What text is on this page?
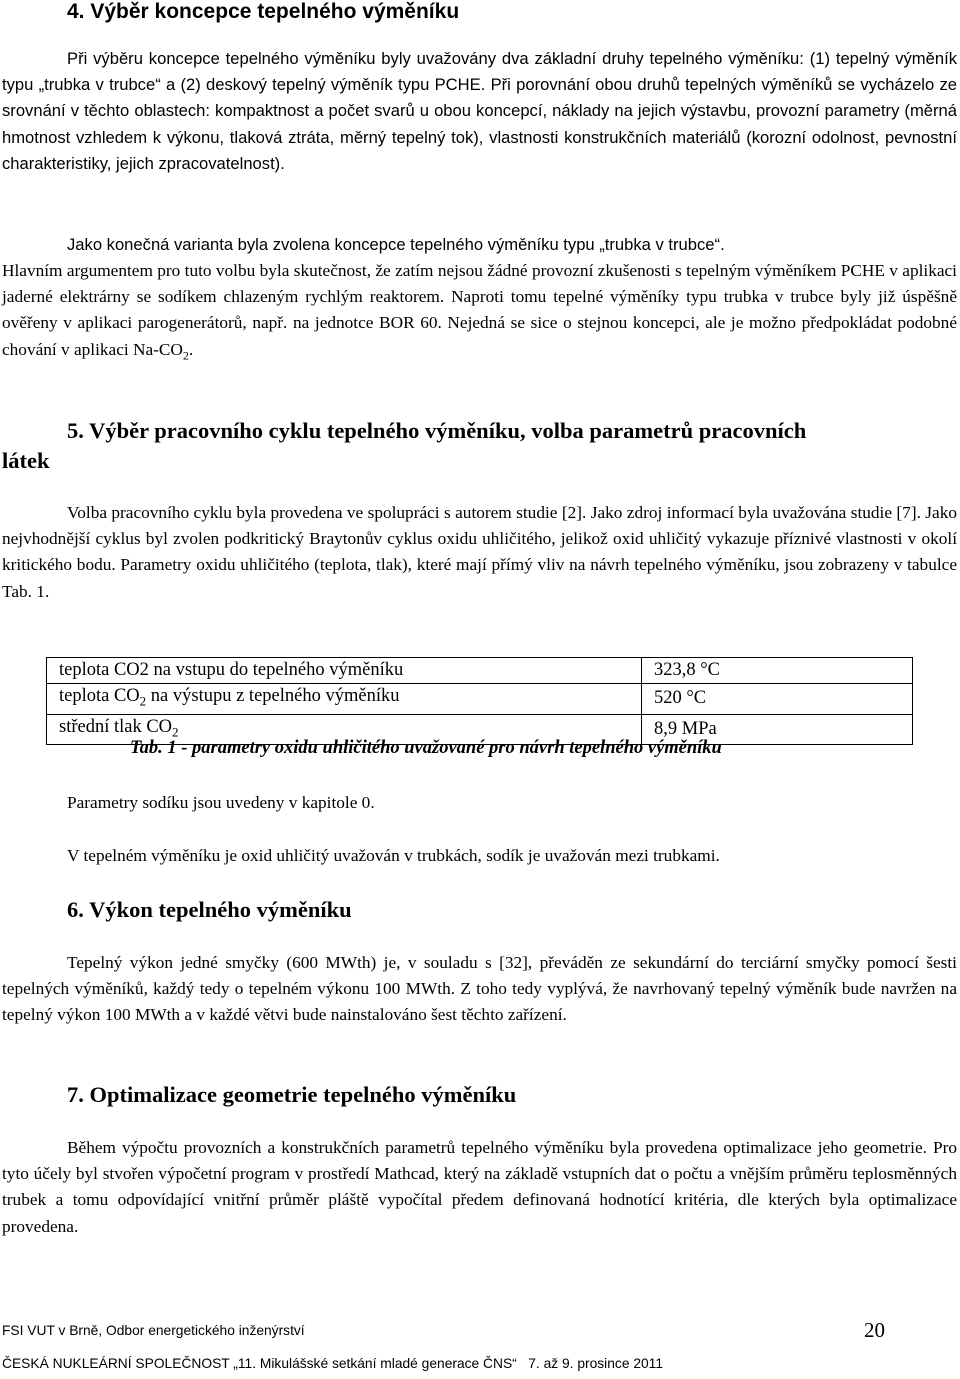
4. Výběr koncepce tepelného výměníku
Při výběru koncepce tepelného výměníku byly uvažovány dva základní druhy tepelného výměníku: (1) tepelný výměník typu „trubka v trubce“ a (2) deskový tepelný výměník typu PCHE. Při porovnání obou druhů tepelných výměníků se vycházelo ze srovnání v těchto oblastech: kompaktnost a počet svarů u obou koncepcí, náklady na jejich výstavbu, provozní parametry (měrná hmotnost vzhledem k výkonu, tlaková ztráta, měrný tepelný tok), vlastnosti konstrukčních materiálů (korozní odolnost, pevnostní charakteristiky, jejich zpracovatelnost).
Jako konečná varianta byla zvolena koncepce tepelného výměníku typu „trubka v trubce“.
Hlavním argumentem pro tuto volbu byla skutečnost, že zatím nejsou žádné provozní zkušenosti s tepelným výměníkem PCHE v aplikaci jaderné elektrárny se sodíkem chlazeným rychlým reaktorem. Naproti tomu tepelné výměníky typu trubka v trubce byly již úspěšně ověřeny v aplikaci parogenerátorů, např. na jednotce BOR 60. Nejedná se sice o stejnou koncepci, ale je možno předpokládat podobné chování v aplikaci $Na-CO_2$.
5. Výběr pracovního cyklu tepelného výměníku, volba parametrů pracovních
látek
Volba pracovního cyklu byla provedena ve spolupráci s autorem studie [2]. Jako zdroj informací byla uvažována studie [7]. Jako nejvhodnější cyklus byl zvolen podkritický Braytonův cyklus oxidu uhličitého, jelikož oxid uhličitý vykazuje příznivé vlastnosti v okolí kritického bodu. Parametry oxidu uhličitého (teplota, tlak), které mají přímý vliv na návrh tepelného výměníku, jsou zobrazeny v tabulce Tab. 1.
teplota CO2 na vstupu do tepelného výměníku	323,8 °C
teplota $CO_2$ na výstupu z tepelného výměníku	520 °C
střední tlak $CO_2$	8,9 MPa
Tab. 1 - parametry oxidu uhličitého uvažované pro návrh tepelného výměníku
Parametry sodíku jsou uvedeny v kapitole 0.
V tepelném výměníku je oxid uhličitý uvažován v trubkách, sodík je uvažován mezi trubkami.
6. Výkon tepelného výměníku
Tepelný výkon jedné smyčky (600 MWth) je, v souladu s [32], převáděn ze sekundární do terciární smyčky pomocí šesti tepelných výměníků, každý tedy o tepelném výkonu 100 MWth. Z toho tedy vyplývá, že navrhovaný tepelný výměník bude navržen na tepelný výkon 100 MWth a v každé větvi bude nainstalováno šest těchto zařízení.
7. Optimalizace geometrie tepelného výměníku
Během výpočtu provozních a konstrukčních parametrů tepelného výměníku byla provedena optimalizace jeho geometrie. Pro tyto účely byl stvořen výpočetní program v prostředí Mathcad, který na základě vstupních dat o počtu a vnějším průměru teplosměnných trubek a tomu odpovídající vnitřní průměr pláště vypočítal předem definovaná hodnotící kritéria, dle kterých byla optimalizace provedena.
FSI VUT v Brně, Odbor energetického inženýrství	20
ČESKÁ NUKLEÁRNÍ SPOLEČNOST „11. Mikulášské setkání mladé generace ČNS“   7. až 9. prosince 2011
